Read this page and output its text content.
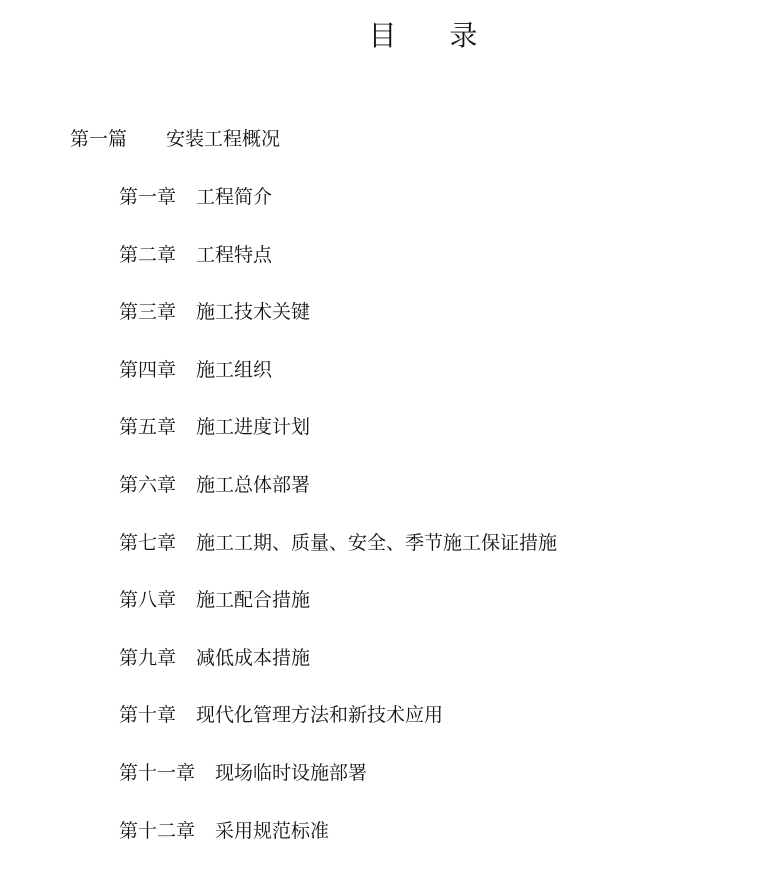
目 录
第一篇 安装工程概况
第一章 工程简介
第二章 工程特点
第三章 施工技术关键
第四章 施工组织
第五章 施工进度计划
第六章 施工总体部署
第七章 施工工期、质量、安全、季节施工保证措施
第八章 施工配合措施
第九章 减低成本措施
第十章 现代化管理方法和新技术应用
第十一章 现场临时设施部署
第十二章 采用规范标准
